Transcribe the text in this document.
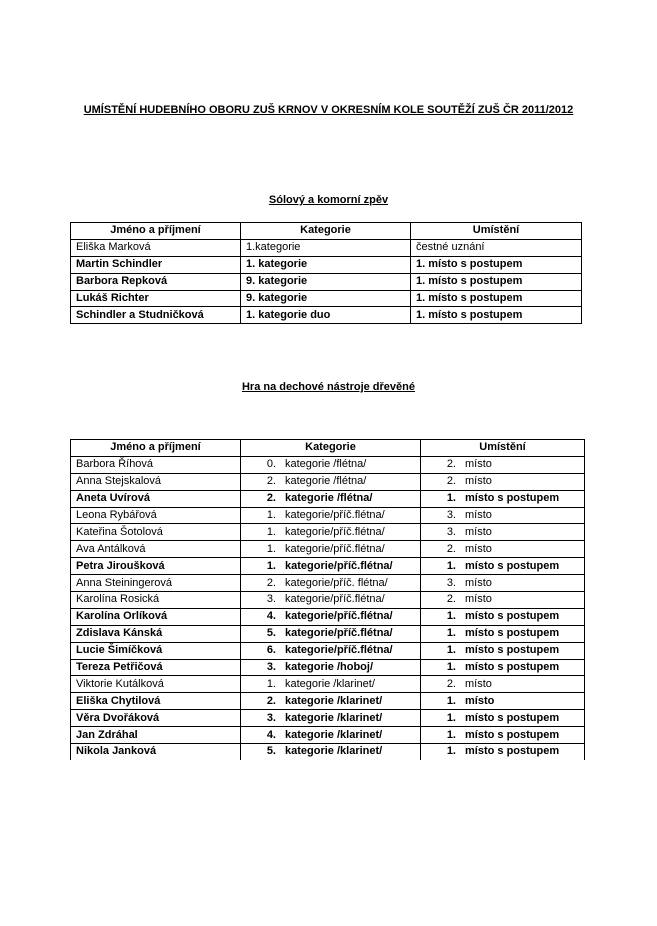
UMÍSTĚNÍ HUDEBNÍHO OBORU ZUŠ KRNOV V OKRESNÍM KOLE SOUTĚŽÍ ZUŠ ČR 2011/2012
Sólový a komorní zpěv
Jméno a příjmení	Kategorie	Umístění
Eliška Marková	1.kategorie	čestné uznání
Martin Schindler	1. kategorie	1. místo s postupem
Barbora Repková	9. kategorie	1. místo s postupem
Lukáš Richter	9. kategorie	1. místo s postupem
Schindler a Studničková	1. kategorie duo	1. místo s postupem
Hra na dechové nástroje dřevěné
Jméno a příjmení	Kategorie	Umístění
Barbora Říhová	0. kategorie /flétna/	2. místo
Anna Stejskalová	2. kategorie /flétna/	2. místo
Aneta Uvírová	2. kategorie /flétna/	1. místo s postupem
Leona Rybářová	1. kategorie/příč.flétna/	3. místo
Kateřina Šotolová	1. kategorie/příč.flétna/	3. místo
Ava Antálková	1. kategorie/příč.flétna/	2. místo
Petra Jiroušková	1. kategorie/příč.flétna/	1. místo s postupem
Anna Steiningerová	2. kategorie/příč. flétna/	3. místo
Karolína Rosická	3. kategorie/příč.flétna/	2. místo
Karolína Orlíková	4. kategorie/příč.flétna/	1. místo s postupem
Zdislava Kánská	5. kategorie/příč.flétna/	1. místo s postupem
Lucie Šimíčková	6. kategorie/příč.flétna/	1. místo s postupem
Tereza Petřičová	3. kategorie /hoboj/	1. místo s postupem
Viktorie Kutálková	1. kategorie /klarinet/	2. místo
Eliška Chytilová	2. kategorie /klarinet/	1. místo
Věra Dvořáková	3. kategorie /klarinet/	1. místo s postupem
Jan Zdráhal	4. kategorie /klarinet/	1. místo s postupem
Nikola Janková	5. kategorie /klarinet/	1. místo s postupem
